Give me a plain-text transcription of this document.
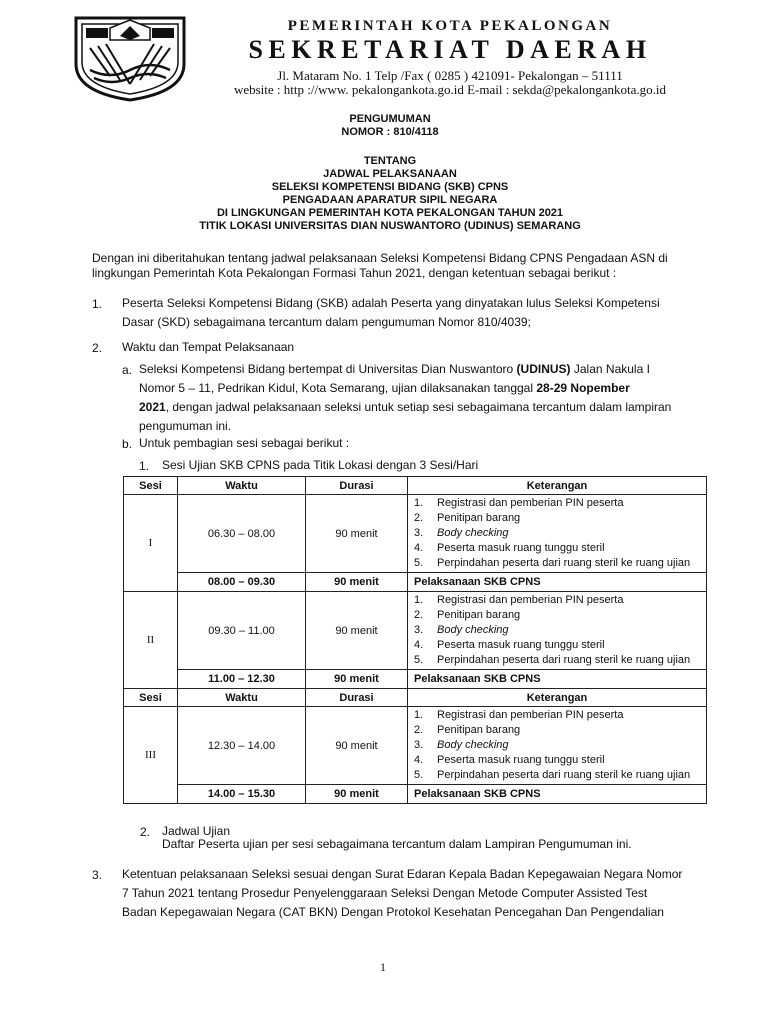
PEMERINTAH KOTA PEKALONGAN
SEKRETARIAT DAERAH
Jl. Mataram No. 1 Telp /Fax ( 0285 ) 421091- Pekalongan – 51111
website : http ://www. pekalongankota.go.id E-mail : sekda@pekalongankota.go.id
PENGUMUMAN
NOMOR : 810/4118
TENTANG
JADWAL PELAKSANAAN
SELEKSI KOMPETENSI BIDANG (SKB) CPNS
PENGADAAN APARATUR SIPIL NEGARA
DI LINGKUNGAN PEMERINTAH KOTA PEKALONGAN TAHUN 2021
TITIK LOKASI UNIVERSITAS DIAN NUSWANTORO (UDINUS) SEMARANG
Dengan ini diberitahukan tentang jadwal pelaksanaan Seleksi Kompetensi Bidang CPNS Pengadaan ASN di
lingkungan Pemerintah Kota Pekalongan Formasi Tahun 2021, dengan ketentuan sebagai berikut :
1. Peserta Seleksi Kompetensi Bidang (SKB) adalah Peserta yang dinyatakan lulus Seleksi Kompetensi
Dasar (SKD) sebagaimana tercantum dalam pengumuman Nomor 810/4039;
2. Waktu dan Tempat Pelaksanaan
a. Seleksi Kompetensi Bidang bertempat di Universitas Dian Nuswantoro (UDINUS) Jalan Nakula I
Nomor 5 – 11, Pedrikan Kidul, Kota Semarang, ujian dilaksanakan tanggal 28-29 Nopember
2021, dengan jadwal pelaksanaan seleksi untuk setiap sesi sebagaimana tercantum dalam lampiran
pengumuman ini.
b. Untuk pembagian sesi sebagai berikut :
1. Sesi Ujian SKB CPNS pada Titik Lokasi dengan 3 Sesi/Hari
Sesi	Waktu	Durasi	Keterangan
I	06.30 – 08.00	90 menit	1. Registrasi dan pemberian PIN peserta
2. Penitipan barang
3. Body checking
4. Peserta masuk ruang tunggu steril
5. Perpindahan peserta dari ruang steril ke ruang ujian

	08.00 – 09.30	90 menit	Pelaksanaan SKB CPNS
II	09.30 – 11.00	90 menit	1. Registrasi dan pemberian PIN peserta
2. Penitipan barang
3. Body checking
4. Peserta masuk ruang tunggu steril
5. Perpindahan peserta dari ruang steril ke ruang ujian

	11.00 – 12.30	90 menit	Pelaksanaan SKB CPNS
Sesi	Waktu	Durasi	Keterangan
III	12.30 – 14.00	90 menit	1. Registrasi dan pemberian PIN peserta
2. Penitipan barang
3. Body checking
4. Peserta masuk ruang tunggu steril
5. Perpindahan peserta dari ruang steril ke ruang ujian

	14.00 – 15.30	90 menit	Pelaksanaan SKB CPNS
2. Jadwal Ujian
Daftar Peserta ujian per sesi sebagaimana tercantum dalam Lampiran Pengumuman ini.
3. Ketentuan pelaksanaan Seleksi sesuai dengan Surat Edaran Kepala Badan Kepegawaian Negara Nomor
7 Tahun 2021 tentang Prosedur Penyelenggaraan Seleksi Dengan Metode Computer Assisted Test
Badan Kepegawaian Negara (CAT BKN) Dengan Protokol Kesehatan Pencegahan Dan Pengendalian
1
